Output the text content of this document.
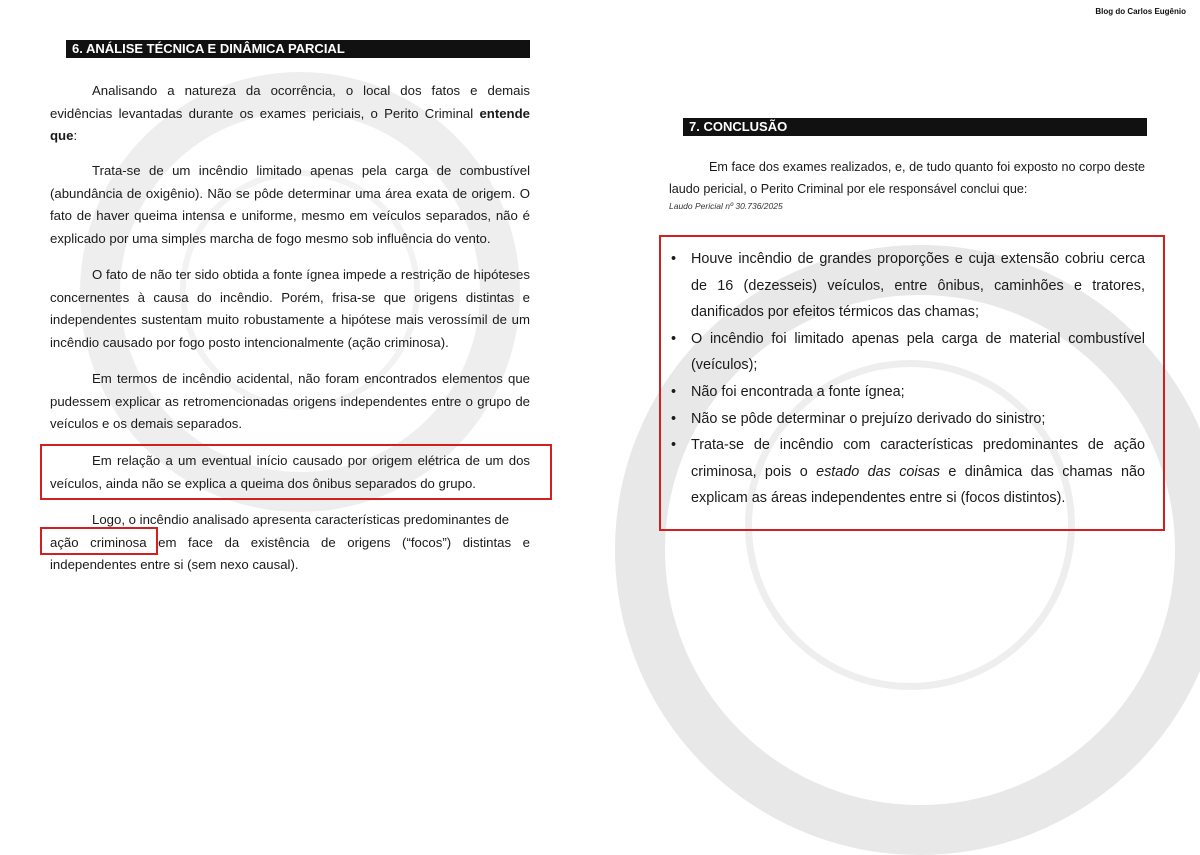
Blog do Carlos Eugênio
6. ANÁLISE TÉCNICA E DINÂMICA PARCIAL

Analisando a natureza da ocorrência, o local dos fatos e demais evidências levantadas durante os exames periciais, o Perito Criminal entende que:

Trata-se de um incêndio limitado apenas pela carga de combustível (abundância de oxigênio). Não se pôde determinar uma área exata de origem. O fato de haver queima intensa e uniforme, mesmo em veículos separados, não é explicado por uma simples marcha de fogo mesmo sob influência do vento.

O fato de não ter sido obtida a fonte ígnea impede a restrição de hipóteses concernentes à causa do incêndio. Porém, frisa-se que origens distintas e independentes sustentam muito robustamente a hipótese mais verossímil de um incêndio causado por fogo posto intencionalmente (ação criminosa).

Em termos de incêndio acidental, não foram encontrados elementos que pudessem explicar as retromencionadas origens independentes entre o grupo de veículos e os demais separados.

Em relação a um eventual início causado por origem elétrica de um dos veículos, ainda não se explica a queima dos ônibus separados do grupo.

Logo, o incêndio analisado apresenta características predominantes de
ação criminosa em face da existência de origens (“focos”) distintas e independentes entre si (sem nexo causal).
7. CONCLUSÃO

Em face dos exames realizados, e, de tudo quanto foi exposto no corpo deste laudo pericial, o Perito Criminal por ele responsável conclui que:

Laudo Pericial nº 30.736/2025
• Houve incêndio de grandes proporções e cuja extensão cobriu cerca de 16 (dezesseis) veículos, entre ônibus, caminhões e tratores, danificados por efeitos térmicos das chamas;
• O incêndio foi limitado apenas pela carga de material combustível (veículos);
• Não foi encontrada a fonte ígnea;
• Não se pôde determinar o prejuízo derivado do sinistro;
• Trata-se de incêndio com características predominantes de ação criminosa, pois o estado das coisas e dinâmica das chamas não explicam as áreas independentes entre si (focos distintos).
